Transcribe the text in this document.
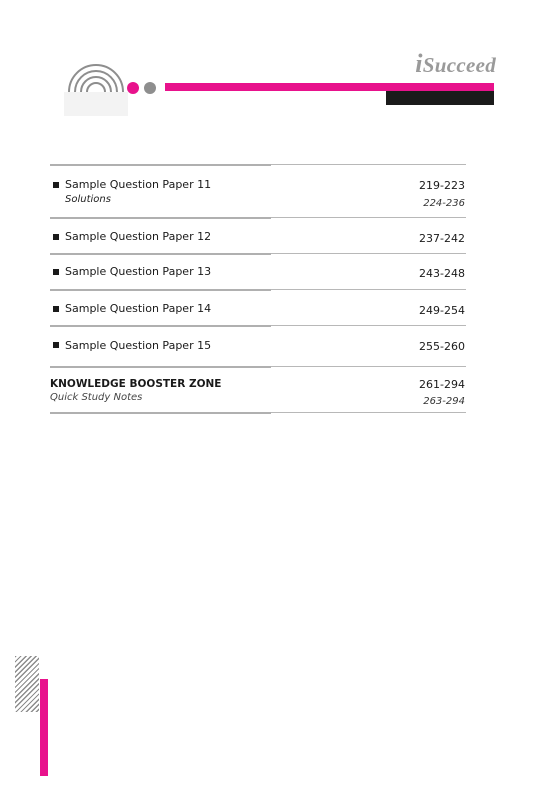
iSucceed
Sample Question Paper 11	219-223
Solutions	224-236
Sample Question Paper 12	237-242
Sample Question Paper 13	243-248
Sample Question Paper 14	249-254
Sample Question Paper 15	255-260
KNOWLEDGE BOOSTER ZONE	261-294
Quick Study Notes	263-294
